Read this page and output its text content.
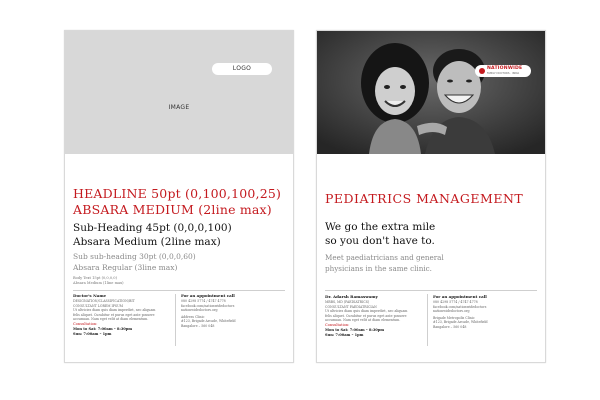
LOGO
IMAGE
HEADLINE 50pt (0,100,100,25)
ABSARA MEDIUM (2line max)
Sub-Heading 45pt (0,0,0,100)
Absara Medium (2line max)
Sub sub-heading 30pt (0,0,0,60)
Absara Regular (3line max)
Body Text 15pt (0,0,0,0)
Absara Medium (1line max)
Doctor's Name
DESIGNATION/CLASSIFICATION/BIT
CONSULTANT LOREM IPSUM
Ut ultricies diam quis diam imperdiet, nec aliquam
felis aliquet. Curabitur et purus eget ante posuere
accumsan. Nam eget velit at diam elementum.
Consultation:
Mon to Sat: 7:00am – 8:30pm
Sun: 7:00am – 1pm
For an appointment call
080 4298 5774 / 4747 4778
facebook.com/nationwidedoctors
nationwidedoctors.org
Address Clinic
#123, Brigade Arcade, Whitefield
Bangalore – 560 048
NATIONWIDE
FAMILY DOCTORS · INDIA
PEDIATRICS MANAGEMENT
We go the extra mile
so you don't have to.
Meet paediatricians and general
physicians in the same clinic.
Dr. Adarsh Ramaswamy
MBBS, MD (PAEDIATRICS)
CONSULTANT PAEDIATRICIAN
Ut ultricies diam quis diam imperdiet, nec aliquam
felis aliquet. Curabitur et purus eget ante posuere
accumsan. Nam eget velit at diam elementum.
Consultation:
Mon to Sat: 7:00am – 8:30pm
Sun: 7:00am – 1pm
For an appointment call
080 4298 5774 / 4747 4778
facebook.com/nationwidedoctors
nationwidedoctors.org
Brigade Metropolis Clinic
#123, Brigade Arcade, Whitefield
Bangalore – 560 048
